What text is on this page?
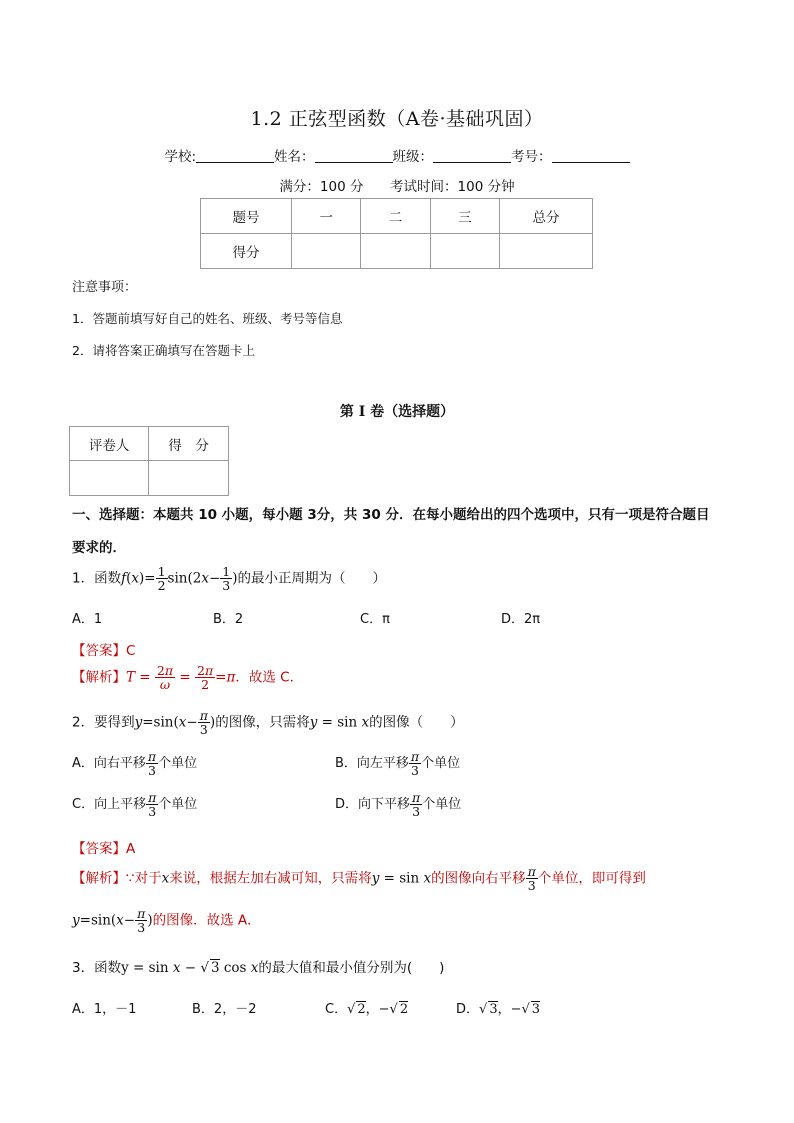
1.2 正弦型函数（A卷·基础巩固）
学校:	姓名：	班级：	考号：
满分：100 分 考试时间：100 分钟
题号	一	二	三	总分
得分				
注意事项：
1．答题前填写好自己的姓名、班级、考号等信息
2．请将答案正确填写在答题卡上
第 I 卷（选择题）
评卷人	得　分

一、选择题：本题共 10 小题，每小题 3分，共 30 分．在每小题给出的四个选项中，只有一项是符合题目
要求的．
1．函数$f(x)= \frac{1}{2} \sin(2x- \frac{1}{3}$ )的最小正周期为（　　）
A．1	B．2	C．π	D．2π
【答案】C
【解析】$T = \frac{2\pi}{\omega} = \frac{2\pi}{2} =\pi$．故选 C．
2．要得到$y=\sin(x- \frac{\pi}{3}$ )的图像，只需将y = sin x的图像（　　）
A．向右平移 $\frac{\pi}{3}$ 个单位	B．向左平移 $\frac{\pi}{3}$ 个单位
C．向上平移 $\frac{\pi}{3}$ 个单位	D．向下平移 $\frac{\pi}{3}$ 个单位
【答案】A
【解析】∵对于x来说，根据左加右减可知，只需将y = sin x的图像向右平移 $\frac{\pi}{3}$ 个单位，即可得到
$y=\sin(x- \frac{\pi}{3}$ )的图像．故选 A．
3．函数y = sin x − √ 3 cos x的最大值和最小值分别为(　　)
A．1，－1	B．2，－2	C．√ 2，−√ 2	D．√ 3，−√ 3
